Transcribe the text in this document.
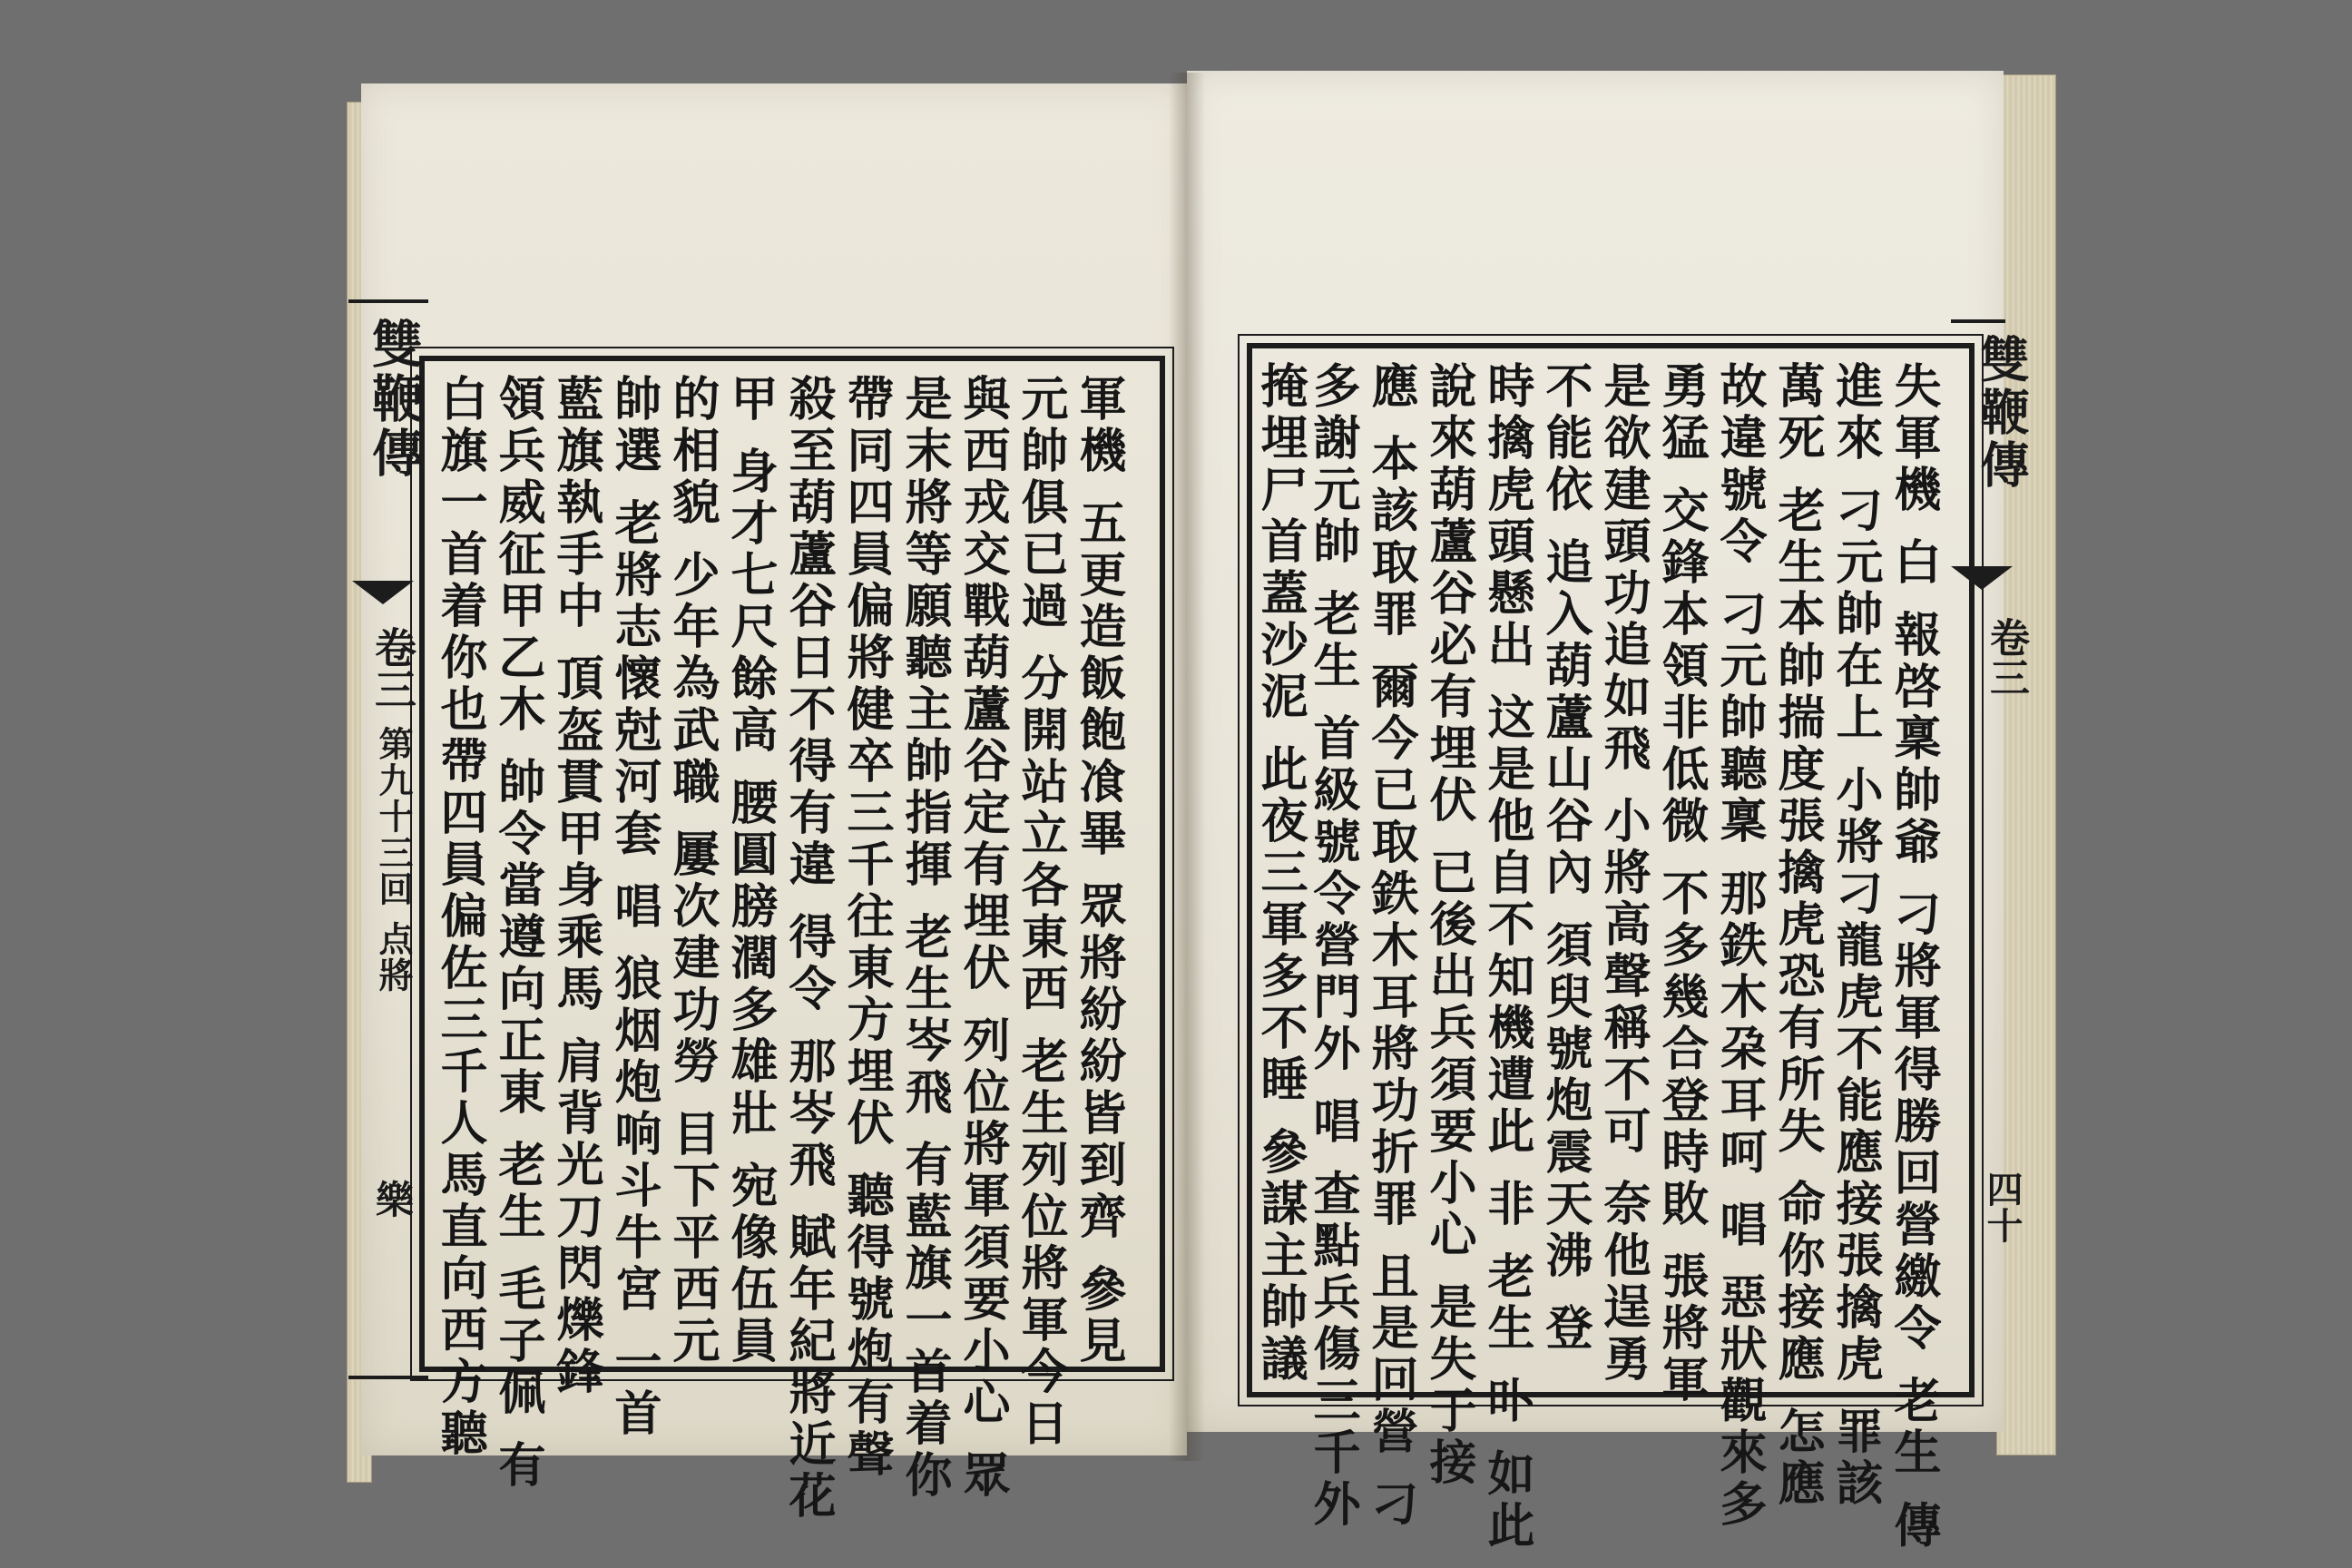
雙鞭傳
卷三
第九十三回 点將
樂
雙鞭傳
卷三
四十
軍機 五更造飯飽飡畢 眾將紛紛皆到齊 參見
元帥俱已過 分開站立各東西 老生列位將軍今日
與西戎交戰葫蘆谷定有埋伏 列位將軍須要小心 眾
是末將等願聽主帥指揮 老生岑飛 有藍旗一首着你
帶同四員偏將健卒三千往東方埋伏 聽得號炮有聲
殺至葫蘆谷日不得有違 得令 那岑飛 賦年紀將近花
甲 身才七尺餘高 腰圓膀濶多雄壯 宛像伍員
的相貌 少年為武職 屢次建功勞 目下平西元
帥選 老將志懷尅河套 唱 狼烟炮响斗牛宮 一首
藍旗執手中 頂盔貫甲身乘馬 肩背光刀閃爍鋒
領兵威征甲乙木 帥令當遵向正東 老生 毛子佩 有
白旗一首着你也帶四員偏佐三千人馬直向西方聽	失軍機 白 報啓稟帥爺 刁將軍得勝回營繳令 老生 傳
進來 刁元帥在上 小將刁龍虎不能應接張擒虎 罪該
萬死 老生本帥揣度張擒虎恐有所失 命你接應 怎應
故違號令 刁元帥聽稟 那鉄木朶耳呵 唱 惡狀觀來多
勇猛 交鋒本領非低微 不多幾合登時敗 張將軍
是欲建頭功追如飛 小將高聲稱不可 奈他逞勇
不能依 追入葫蘆山谷內 須臾號炮震天沸 登
時擒虎頭懸出 这是他自不知機遭此 非 老生 卟 如此
說來葫蘆谷必有埋伏 已後出兵須要小心 是失于接
應 本該取罪 爾今已取鉄木耳將功折罪 且是回營 刁
多謝元帥 老生 首級號令營門外 唱 查點兵傷三千外
掩埋尸首蓋沙泥 此夜三軍多不睡 參謀主帥議
